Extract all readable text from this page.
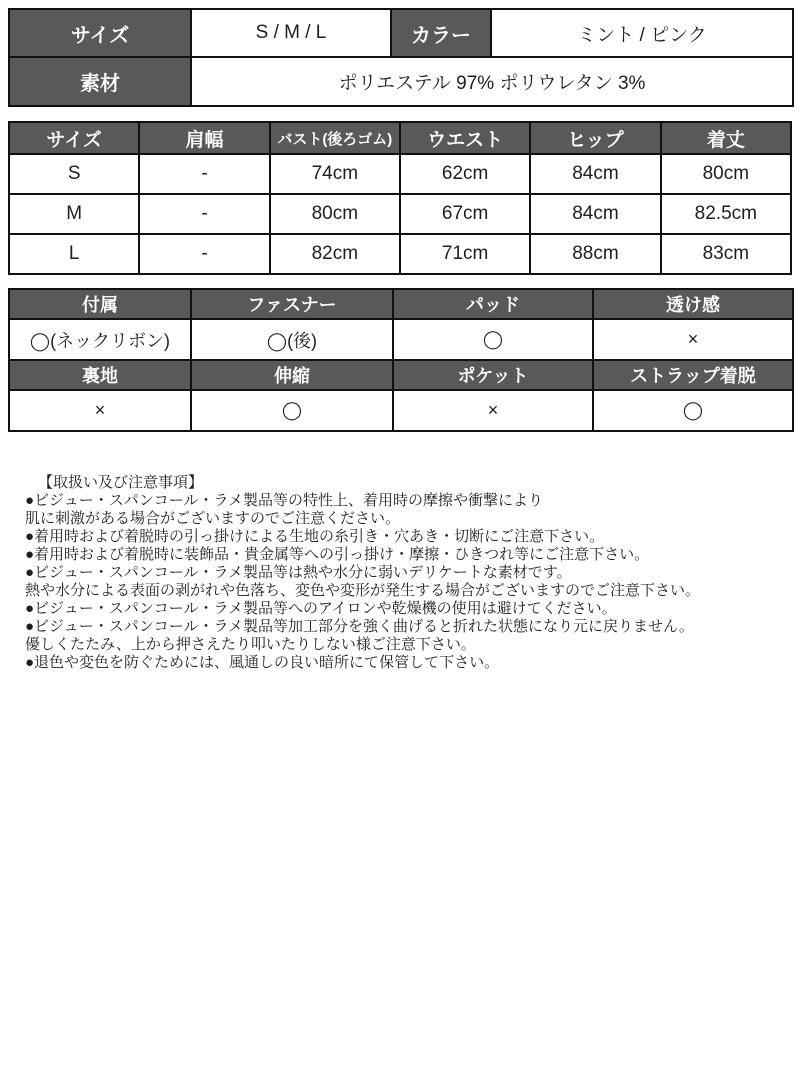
サイズ	S / M / L	カラー	ミント / ピンク
素材	ポリエステル 97% ポリウレタン 3%		
サイズ	肩幅	バスト(後ろゴム)	ウエスト	ヒップ	着丈
S	-	74cm	62cm	84cm	80cm
M	-	80cm	67cm	84cm	82.5cm
L	-	82cm	71cm	88cm	83cm
付属	ファスナー	パッド	透け感
◯(ネックリボン)	◯(後)	◯	×
裏地	伸縮	ポケット	ストラップ着脱
×	◯	×	◯
【取扱い及び注意事項】
●ビジュー・スパンコール・ラメ製品等の特性上、着用時の摩擦や衝撃により
肌に刺激がある場合がございますのでご注意ください。
●着用時および着脱時の引っ掛けによる生地の糸引き・穴あき・切断にご注意下さい。
●着用時および着脱時に装飾品・貴金属等への引っ掛け・摩擦・ひきつれ等にご注意下さい。
●ビジュー・スパンコール・ラメ製品等は熱や水分に弱いデリケートな素材です。
熱や水分による表面の剥がれや色落ち、変色や変形が発生する場合がございますのでご注意下さい。
●ビジュー・スパンコール・ラメ製品等へのアイロンや乾燥機の使用は避けてください。
●ビジュー・スパンコール・ラメ製品等加工部分を強く曲げると折れた状態になり元に戻りません。
優しくたたみ、上から押さえたり叩いたりしない様ご注意下さい。
●退色や変色を防ぐためには、風通しの良い暗所にて保管して下さい。
